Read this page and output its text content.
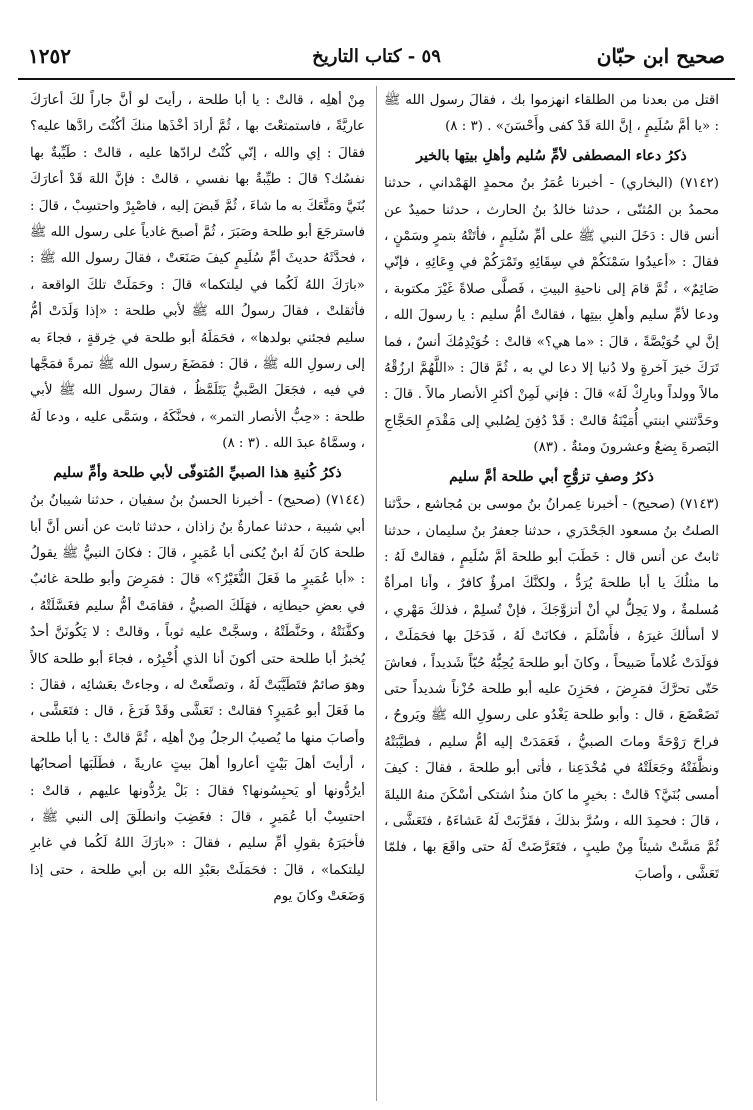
صحيح ابن حبّان
٥٩ - كتاب التاريخ
١٢٥٢

اقتل من بعدنا من الطلقاء انهزموا بك ، فقالَ رسول الله ﷺ : «يا أمَّ سُلَيمٍ ، إنَّ اللهَ قَدْ كفى وأَحْسَنَ» . (٣ : ٨)

ذكرُ دعاء المصطفى لأمِّ سُليم وأهلِ بيتِها بالخير

(٧١٤٢) (البخاري) - أخبرنا عُمَرُ بنُ محمدٍ الهَمْداني ، حدثنا محمدُ بن المُثنّى ، حدثنا خالدُ بنُ الحارث ، حدثنا حميدٌ عن أنس قال : دَخَلَ النبي ﷺ على أمِّ سُلَيمٍ ، فأتَتْهُ بتمرٍ وسَمْنٍ ، فقالَ : «أعيدُوا سَمْنَكُمْ في سِقَائِهِ وتَمْرَكُمْ في وِعَائِهِ ، فإنّي صَائِمٌ» ، ثُمَّ قامَ إلى ناحيةِ البيتِ ، فَصلَّى صلاةً غَيْرَ مكتوبة ، ودعا لأمِّ سليم وأهلِ بيتِها ، فقالتْ أمُّ سليم : يا رسولَ الله ، إنَّ لي خُوَيْصَّةً ، قالَ : «ما هي؟» قالتْ : خُوَيْدِمُكَ أنسٌ ، فما تَرَكَ خيرَ آخرةٍ ولا دُنيا إلا دعا لي به ، ثُمَّ قالَ : «اللَّهُمَّ ارزُقْهُ مالاً وولداً وبارِكْ لَهُ» قالَ : فإني لَمِنْ أكثرِ الأنصار مالاً . قالَ : وحَدَّثتني ابنتي أُمَيْنَةُ قالتْ : قَدْ دُفِنَ لِصُلبي إلى مَقْدَمِ الحَجَّاجِ البَصرةَ بِضعٌ وعشرونَ ومئةٌ . (٨٣)

ذكرُ وصفِ تزوُّجِ أبي طلحة أمَّ سليم

(٧١٤٣) (صحيح) - أخبرنا عِمرانُ بنُ موسى بن مُجاشع ، حدَّثنا الصلتُ بنُ مسعود الجَحْدَري ، حدثنا جعفرُ بنُ سليمان ، حدثنا ثابتٌ عن أنس قال : خَطَبَ أبو طلحةَ أمَّ سُلَيمٍ ، فقالتْ لَهُ : ما مثلُكَ يا أبا طلحةَ يُرَدُّ ، ولكنَّكَ امرؤٌ كافرٌ ، وأنا امرأةٌ مُسلمةٌ ، ولا يَحِلُّ لي أنْ أتزوَّجَكَ ، فإنْ تُسلِمْ ، فذلكَ مَهْري ، لا أسألكَ غيرَهُ ، فأَسْلَمَ ، فكانَتْ لَهُ ، فَدَخَلَ بها فحَمَلَتْ ، فوَلَدَتْ غُلاماً صَبيحاً ، وكانَ أبو طلحةَ يُحِبُّهُ حُبّاً شَديداً ، فعاشَ حَتّى تحرَّكَ فمَرِضَ ، فحَزِنَ عليه أبو طلحة حُزْناً شديداً حتى تَضَعْضَعَ ، قال : وأبو طلحة يَغْدُو على رسولِ الله ﷺ ويَروحُ ، فراحَ رَوْحَةً وماتَ الصبيُّ ، فَعَمَدَتْ إليه أمُّ سليم ، فطيَّبَتْهُ ونظَّفَتْهُ وجَعَلَتْهُ في مُخْدَعِنا ، فأتى أبو طلحةَ ، فقالَ : كيفَ أمسى بُنَيَّ؟ قالتْ : بخيرٍ ما كانَ منذُ اشتكى أسْكَنَ منهُ الليلةَ ، قالَ : فحمِدَ الله ، وسُرَّ بذلكَ ، فقَرَّبَتْ لَهُ عَشاءَهُ ، فتَعَشَّى ، ثُمَّ مَسَّتْ شيئاً مِنْ طيبٍ ، فتَعَرَّضَتْ لَهُ حتى واقَعَ بها ، فلمّا تَعَشَّى ، وأصابَ

مِنْ أهلِه ، قالتْ : يا أبا طلحة ، رأيتَ لو أنَّ جاراً لكَ أعارَكَ عاريَّةً ، فاستمتعْتَ بها ، ثُمَّ أرادَ أخْذَها منكَ أكُنْتَ رادَّها عليه؟ فقالَ : إي والله ، إنّي كُنْتُ لرادّها عليه ، قالتْ : طَيِّبةٌ بها نفسُك؟ قالَ : طيِّبةٌ بها نفسي ، قالتْ : فإنَّ اللهَ قَدْ أعارَكَ بُنَيَّ ومَتَّعَكَ به ما شاءَ ، ثُمَّ قَبضَ إليه ، فاصْبِرْ واحتسِبْ ، قالَ : فاسترجَعَ أبو طلحة وصَبَرَ ، ثُمَّ أصبحَ غادياً على رسول الله ﷺ ، فحدَّثَهُ حديثَ أمِّ سُلَيمٍ كيفَ صَنَعَتْ ، فقالَ رسول الله ﷺ : «بارَكَ اللهُ لَكُما في ليلتكما» قالَ : وحَمَلَتْ تلكَ الواقعة ، فأثقلتْ ، فقالَ رسولُ الله ﷺ لأبي طلحة : «إذا وَلَدَتْ أمُّ سليم فجئني بولدها» ، فحَمَلَهُ أبو طلحة في خِرقةٍ ، فجاءَ به إلى رسولِ الله ﷺ ، قالَ : فمَضَغَ رسول الله ﷺ تمرةً فمَجَّها في فيه ، فجَعَلَ الصَّبيُّ يَتَلَمَّظُ ، فقالَ رسول الله ﷺ لأبي طلحة : «حِبُّ الأنصار التمر» ، فحنَّكَهُ ، وسَمَّى عليه ، ودعا لَهُ ، وسمَّاهُ عبدَ الله . (٣ : ٨)

ذكرُ كُنيةِ هذا الصبيِّ المُتوفّى لأبي طلحة وأمِّ سليم

(٧١٤٤) (صحيح) - أخبرنا الحسنُ بنُ سفيان ، حدثنا شيبانُ بنُ أبي شيبة ، حدثنا عمارةُ بنُ زاذان ، حدثنا ثابت عن أنس أنَّ أبا طلحة كانَ لَهُ ابنٌ يُكنى أبا عُمَيرٍ ، قالَ : فكانَ النبيُّ ﷺ يقولُ : «أبا عُمَيرٍ ما فَعَلَ النُّغَيْرُ؟» قالَ : فمَرِضَ وأبو طلحة غائبٌ في بعضِ حيطانِه ، فهَلَكَ الصبيُّ ، فقامَتْ أمُّ سليم فغَسَّلَتْهُ ، وكفَّنَتْهُ ، وحَنَّطَتْهُ ، وسجَّتْ عليه ثوباً ، وقالتْ : لا يَكُونَنَّ أحدٌ يُخبرُ أبا طلحة حتى أكونَ أنا الذي أُخْبِرُه ، فجاءَ أبو طلحة كالاً وهوَ صائمٌ فتَطَيَّبَتْ لَهُ ، وتصنَّعتْ له ، وجاءتْ بعَشائِه ، فقالَ : ما فَعَلَ أبو عُمَيرٍ؟ فقالتْ : تَعَشَّى وقَدْ فَرَغَ ، قال : فتَعَشَّى ، وأصابَ منها ما يُصيبُ الرجلُ مِنْ أهلِه ، ثُمَّ قالتْ : يا أبا طلحة ، أرأيتَ أهلَ بَيْتٍ أعاروا أهلَ بيتٍ عاريةً ، فطَلَبَها أصحابُها أيرُدُّونها أو يَحبِسُونها؟ فقالَ : بَلْ يرُدُّونها عليهم ، قالتْ : احتسِبْ أبا عُمَيرٍ ، قالَ : فغَضِبَ وانطلَقَ إلى النبي ﷺ ، فأخبَرَهُ بقولِ أمِّ سليم ، فقالَ : «بارَكَ اللهُ لَكُما في غابرِ ليلتكما» ، قالَ : فحَمَلَتْ بعَبْدِ الله بن أبي طلحة ، حتى إذا وَضَعَتْ وكانَ يوم
